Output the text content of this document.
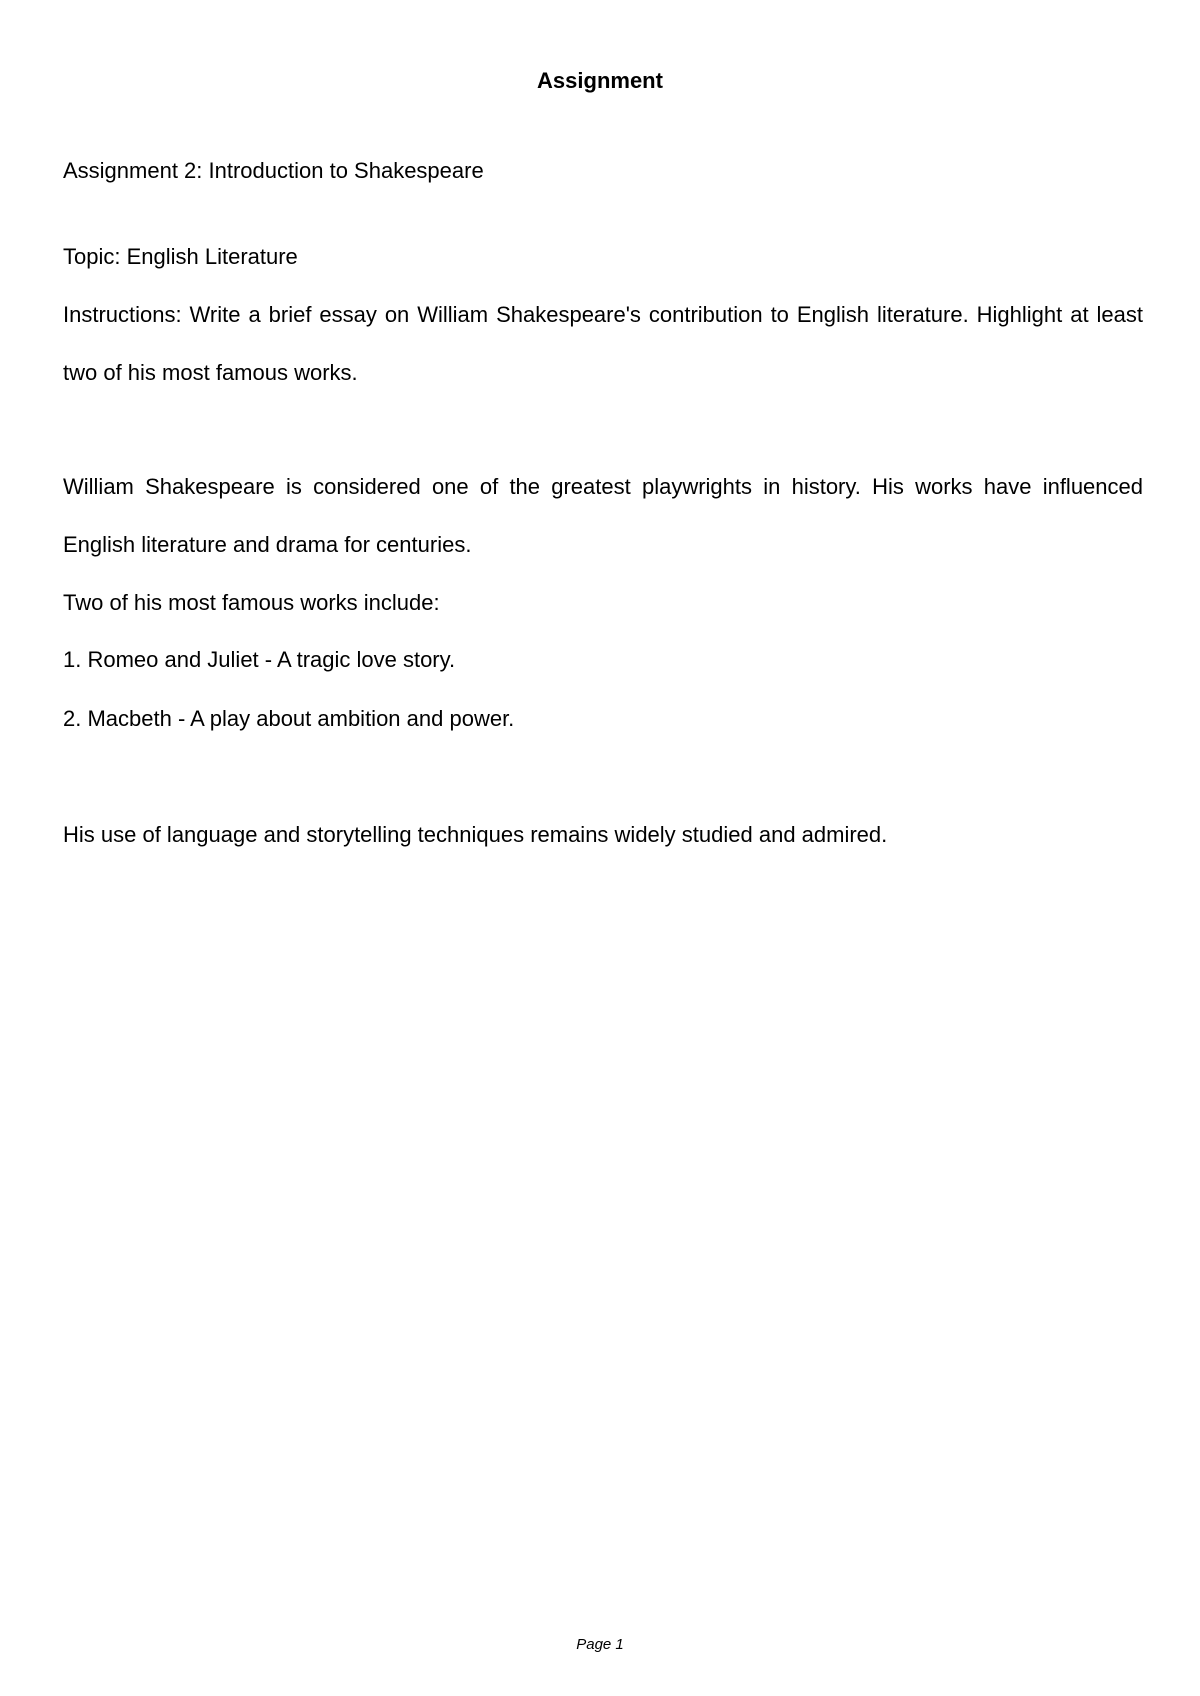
Assignment
Assignment 2: Introduction to Shakespeare
Topic: English Literature
Instructions: Write a brief essay on William Shakespeare's contribution to English literature. Highlight at least two of his most famous works.
William Shakespeare is considered one of the greatest playwrights in history. His works have influenced English literature and drama for centuries.
Two of his most famous works include:
1. Romeo and Juliet - A tragic love story.
2. Macbeth - A play about ambition and power.
His use of language and storytelling techniques remains widely studied and admired.
Page 1
